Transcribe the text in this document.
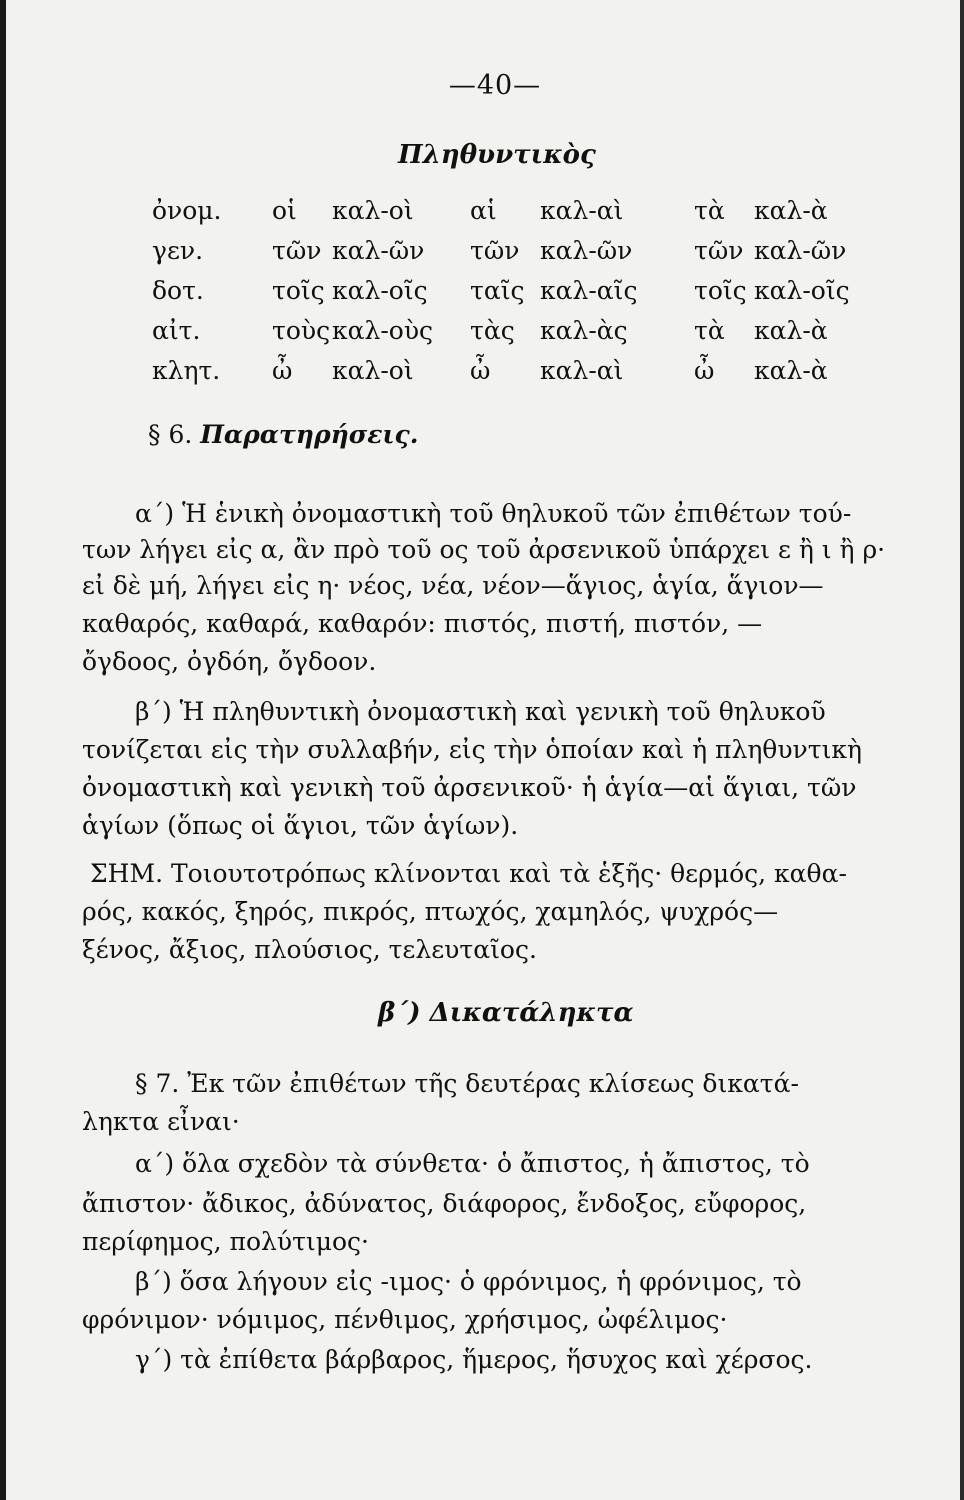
—40—
Πληθυντικὸς
ὀνομ. οἱ καλ-οὶ αἱ καλ-αὶ	τὰ καλ-ὰ
γεν.	τῶν καλ-ῶν τῶν καλ-ῶν τῶν καλ-ῶν
δοτ.	τοῖς καλ-οῖς ταῖς καλ-αῖς τοῖς καλ-οῖς
αἰτ.	τοὺς καλ-οὺς τὰς καλ-ὰς	τὰ καλ-ὰ
κλητ. ὦ καλ-οὶ ὦ καλ-αὶ	ὦ καλ-ὰ
§ 6. Παρατηρήσεις.
α΄) Ἡ ἑνικὴ ὀνομαστικὴ τοῦ θηλυκοῦ τῶν ἐπιθέτων τού-
των λήγει εἰς α, ἂν πρὸ τοῦ ος τοῦ ἀρσενικοῦ ὑπάρχει ε ἢ ι ἢ ρ·
εἰ δὲ μή, λήγει εἰς η· νέος, νέα, νέον—ἅγιος, ἁγία, ἅγιον—
καθαρός, καθαρά, καθαρόν: πιστός, πιστή, πιστόν, —
ὄγδοος, ὀγδόη, ὄγδοον.
β΄) Ἡ πληθυντικὴ ὀνομαστικὴ καὶ γενικὴ τοῦ θηλυκοῦ
τονίζεται εἰς τὴν συλλαβήν, εἰς τὴν ὁποίαν καὶ ἡ πληθυντικὴ
ὀνομαστικὴ καὶ γενικὴ τοῦ ἀρσενικοῦ· ἡ ἁγία—αἱ ἅγιαι, τῶν
ἁγίων (ὅπως οἱ ἅγιοι, τῶν ἁγίων).
ΣΗΜ. Τοιουτοτρόπως κλίνονται καὶ τὰ ἑξῆς· θερμός, καθα-
ρός, κακός, ξηρός, πικρός, πτωχός, χαμηλός, ψυχρός—
ξένος, ἄξιος, πλούσιος, τελευταῖος.
β΄) Δικατάληκτα
§ 7. Ἐκ τῶν ἐπιθέτων τῆς δευτέρας κλίσεως δικατά-
ληκτα εἶναι·
α΄) ὅλα σχεδὸν τὰ σύνθετα· ὁ ἄπιστος, ἡ ἄπιστος, τὸ
ἄπιστον· ἄδικος, ἀδύνατος, διάφορος, ἔνδοξος, εὔφορος,
περίφημος, πολύτιμος·
β΄) ὅσα λήγουν εἰς -ιμος· ὁ φρόνιμος, ἡ φρόνιμος, τὸ
φρόνιμον· νόμιμος, πένθιμος, χρήσιμος, ὠφέλιμος·
γ΄) τὰ ἐπίθετα βάρβαρος, ἥμερος, ἥσυχος καὶ χέρσος.
